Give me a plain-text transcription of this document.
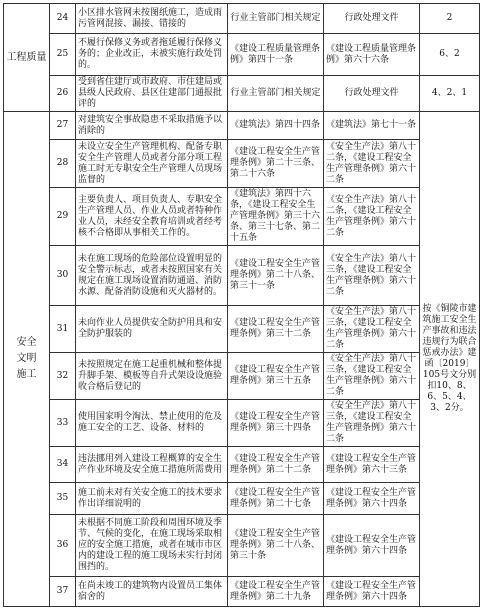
工程质量	24	小区排水管网未按图纸施工，造成雨污管网混接、漏接、错接的	行业主管部门相关规定	行政处理文件	2
	25	不履行保修义务或者拖延履行保修义务的；企业改正，未被实施行政处罚的。	《建设工程质量管理条例》第四十一条	《建设工程质量管理条例》第六十六条	6、2
	26	受到省住建厅或市政府、市住建局或县级人民政府、县区住建部门通报批评的	行业主管部门相关规定	行政处理文件	4、2、1
安全文明施工	27	对建筑安全事故隐患不采取措施予以消除的	《建筑法》第四十四条	《建筑法》第七十一条	按《铜陵市建筑施工安全生产事故和违法违规行为联合惩戒办法》建函〔2019〕105号文分别扣10、8、6、5、4、3、2分。
	28	未设立安全生产管理机构、配备专职安全生产管理人员或者分部分项工程施工时无专职安全生产管理人员现场监督的	《建设工程安全生产管理条例》第二十三条、第二十六条	《安全生产法》第八十二条，《建设工程安全生产管理条例》第六十二条	
	29	主要负责人、项目负责人、专职安全生产管理人员、作业人员或者特种作业人员，未经安全教育培训或者经考核不合格即从事相关工作的。	《建筑法》第四十六条，《建设工程安全生产管理条例》第三十六条、第三十七条、第二十五条	《安全生产法》第八十二条，《建设工程安全生产管理条例》第六十二条	
	30	未在施工现场的危险部位设置明显的安全警示标志，或者未按照国家有关规定在施工现场设置消防通道、消防水源、配备消防设施和灭火器材的。	《建设工程安全生产管理条例》第二十八条、第三十一条	《安全生产法》第八十三条，《建设工程安全生产管理条例》第六十二条	
	31	未向作业人员提供安全防护用具和安全防护服装的	《建设工程安全生产管理条例》第三十二条	《安全生产法》第八十三条，《建设工程安全生产管理条例》第六十二条	
	32	未按照规定在施工起重机械和整体提升脚手架、模板等自升式架设设施验收合格后登记的	《建设工程安全生产管理条例》第三十五条	《安全生产法》第八十三条，《建设工程安全生产管理条例》第六十二条	
	33	使用国家明令淘汰、禁止使用的危及施工安全的工艺、设备、材料的	《建设工程安全生产管理条例》第三十四条	《安全生产法》第八十三条，《建设工程安全生产管理条例》第六十二条	
	34	违法挪用列入建设工程概算的安全生产作业环境及安全施工措施所需费用	《建设工程安全生产管理条例》第二十二条	《建设工程安全生产管理条例》第六十三条	
	35	施工前未对有关安全施工的技术要求作出详细说明的	《建设工程安全生产管理条例》第二十七条	《建设工程安全生产管理条例》第六十四条	
	36	未根据不同施工阶段和周围环境及季节、气候的变化，在施工现场采取相应的安全施工措施，或者在城市市区内的建设工程的施工现场未实行封闭围挡的。	《建设工程安全生产管理条例》第二十八条、第三十条	《建设工程安全生产管理条例》第六十四条	
	37	在尚未竣工的建筑物内设置员工集体宿舍的	《建设工程安全生产管理条例》第二十九条	《建设工程安全生产管理条例》第六十四条	
